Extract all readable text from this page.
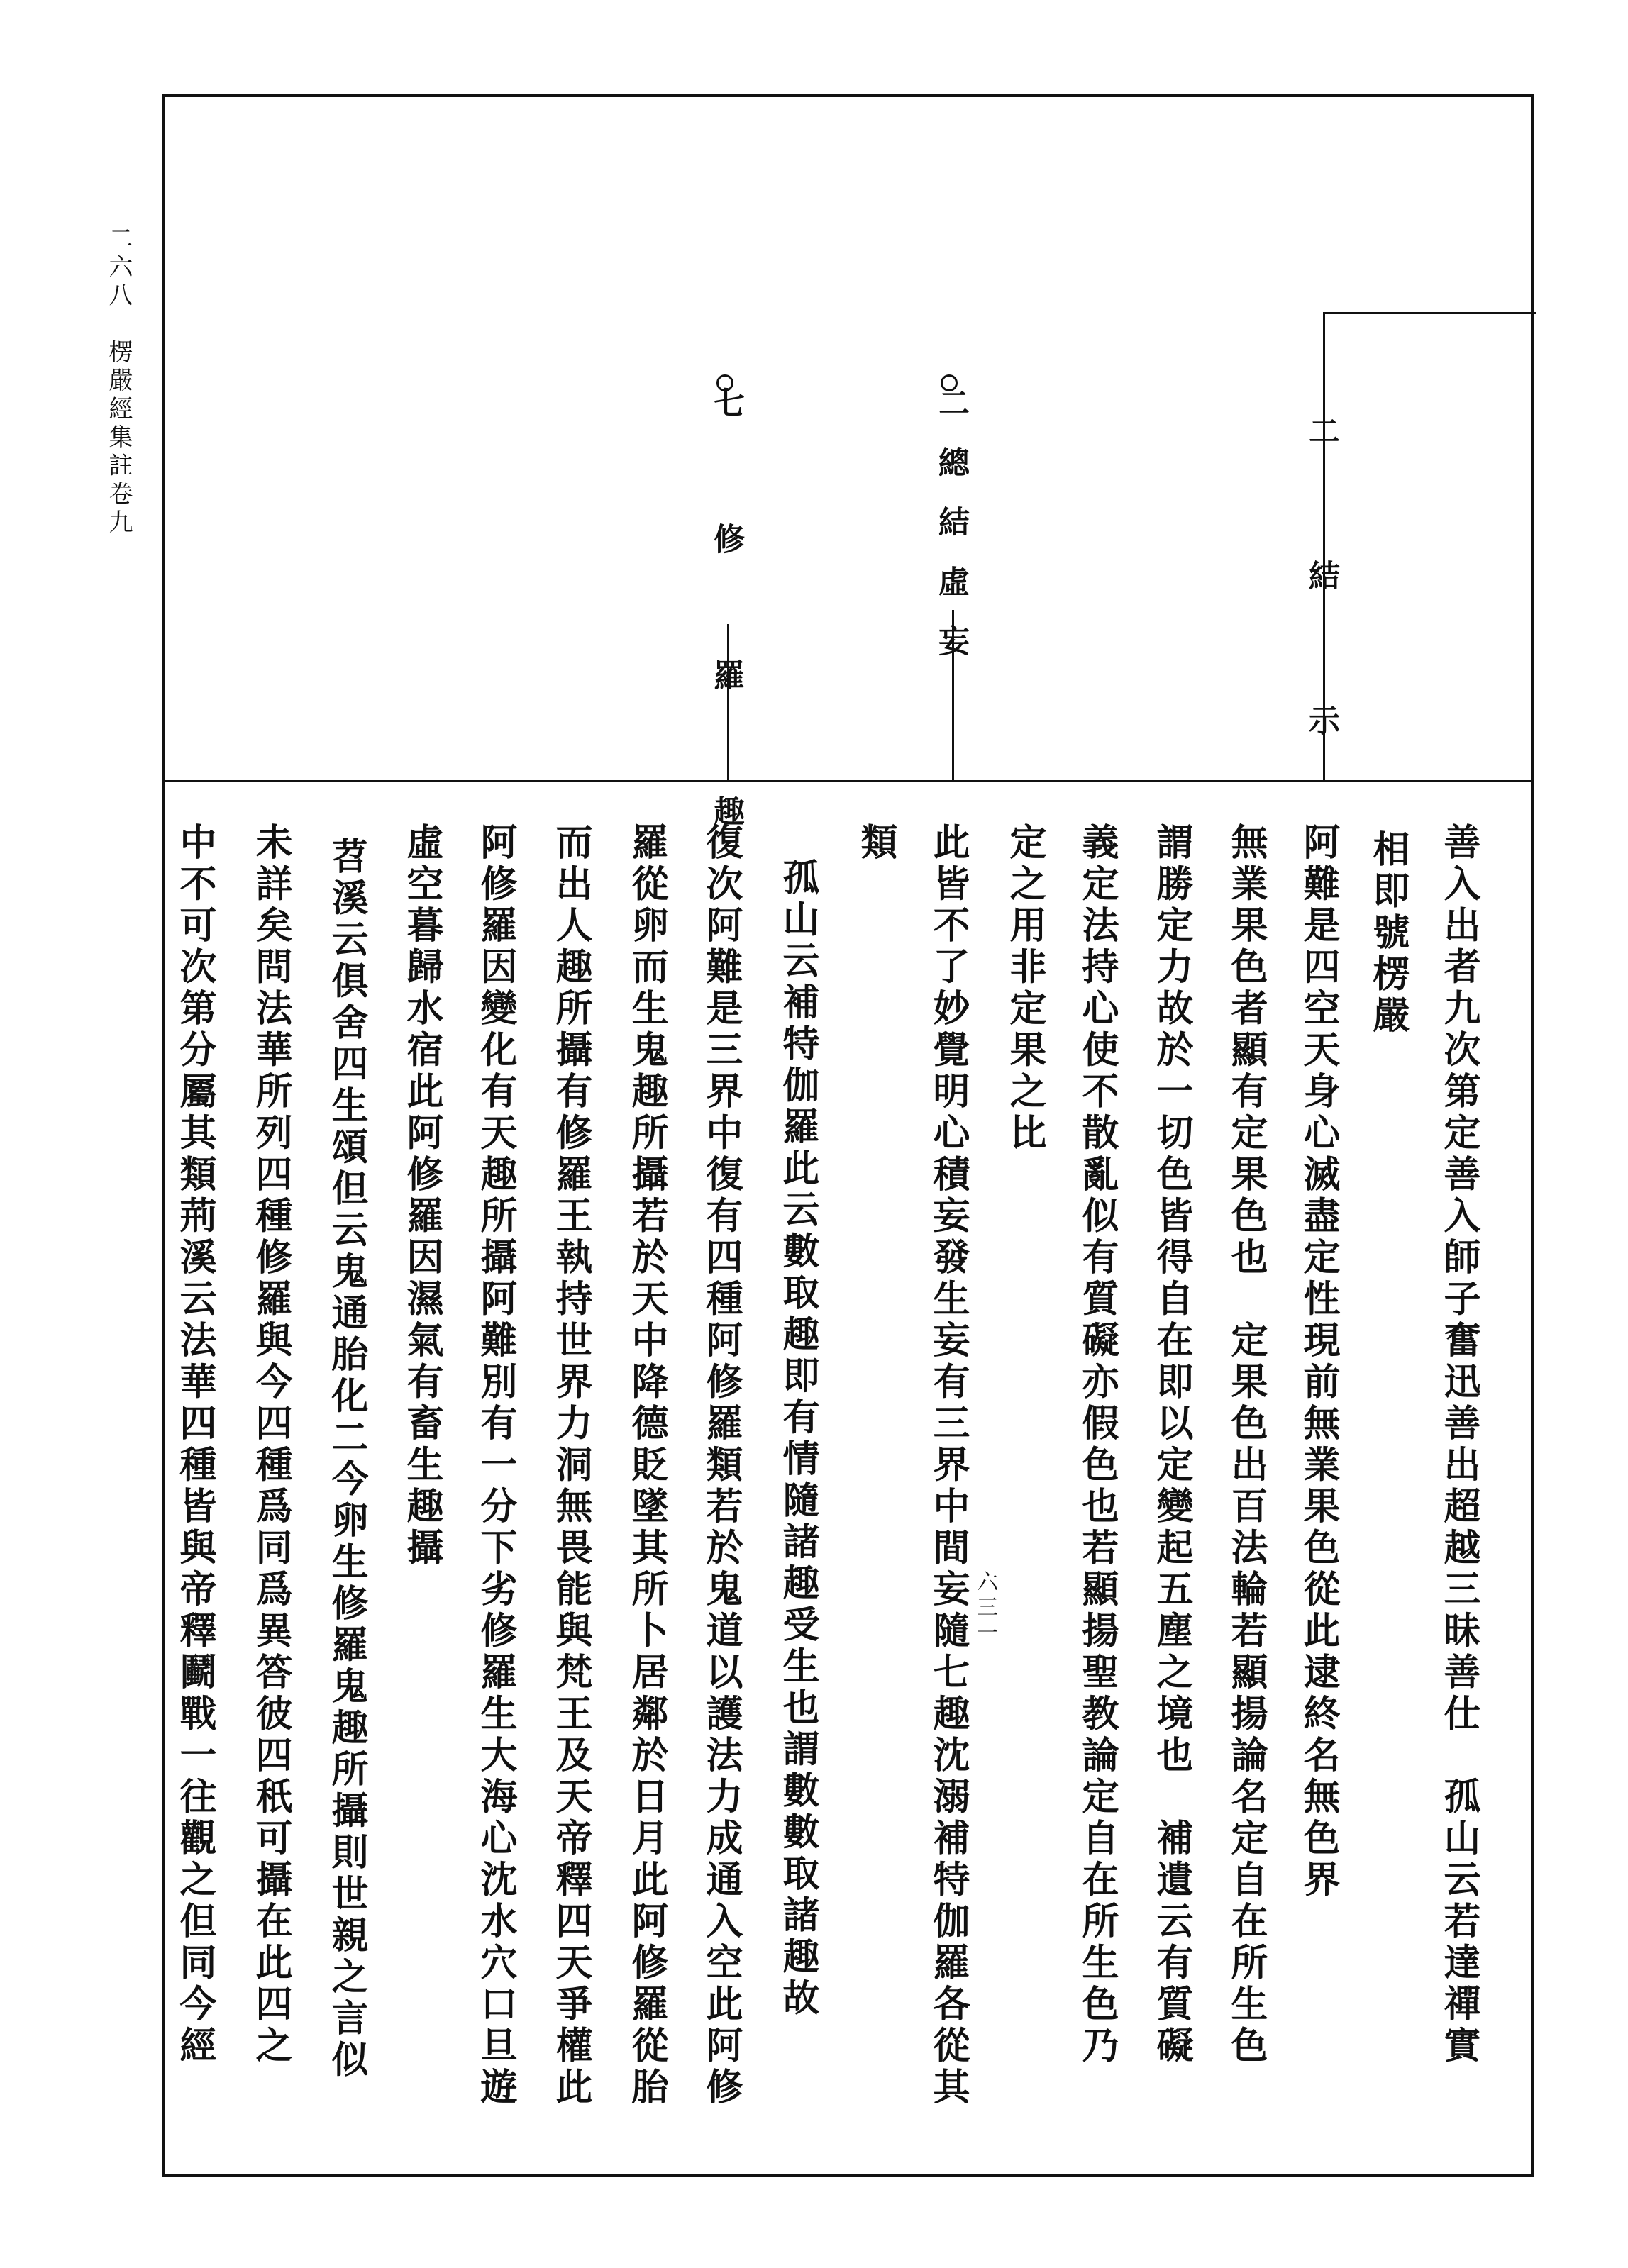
二六八　楞嚴經集註卷九
六三一
二　結　示
二總結虛妄
七　修　羅　趣
善入出者九次第定善入師子奮迅善出超越三昧善仕　孤山云若達禪實
相即號楞嚴
阿難是四空天身心滅盡定性現前無業果色從此逮終名無色界
無業果色者顯有定果色也　定果色出百法輪若顯揚論名定自在所生色
謂勝定力故於一切色皆得自在即以定變起五塵之境也　補遺云有質礙
義定法持心使不散亂似有質礙亦假色也若顯揚聖教論定自在所生色乃
定之用非定果之比
此皆不了妙覺明心積妄發生妄有三界中間妄隨七趣沈溺補特伽羅各從其
類
孤山云補特伽羅此云數取趣即有情隨諸趣受生也謂數數取諸趣故
復次阿難是三界中復有四種阿修羅類若於鬼道以護法力成通入空此阿修
羅從卵而生鬼趣所攝若於天中降德貶墜其所卜居鄰於日月此阿修羅從胎
而出人趣所攝有修羅王執持世界力洞無畏能與梵王及天帝釋四天爭權此
阿修羅因變化有天趣所攝阿難別有一分下劣修羅生大海心沈水穴口旦遊
虛空暮歸水宿此阿修羅因濕氣有畜生趣攝
苕溪云俱舍四生頌但云鬼通胎化二今卵生修羅鬼趣所攝則世親之言似
未詳矣問法華所列四種修羅與今四種爲同爲異答彼四秖可攝在此四之
中不可次第分屬其類荊溪云法華四種皆與帝釋鬬戰一往觀之但同今經
